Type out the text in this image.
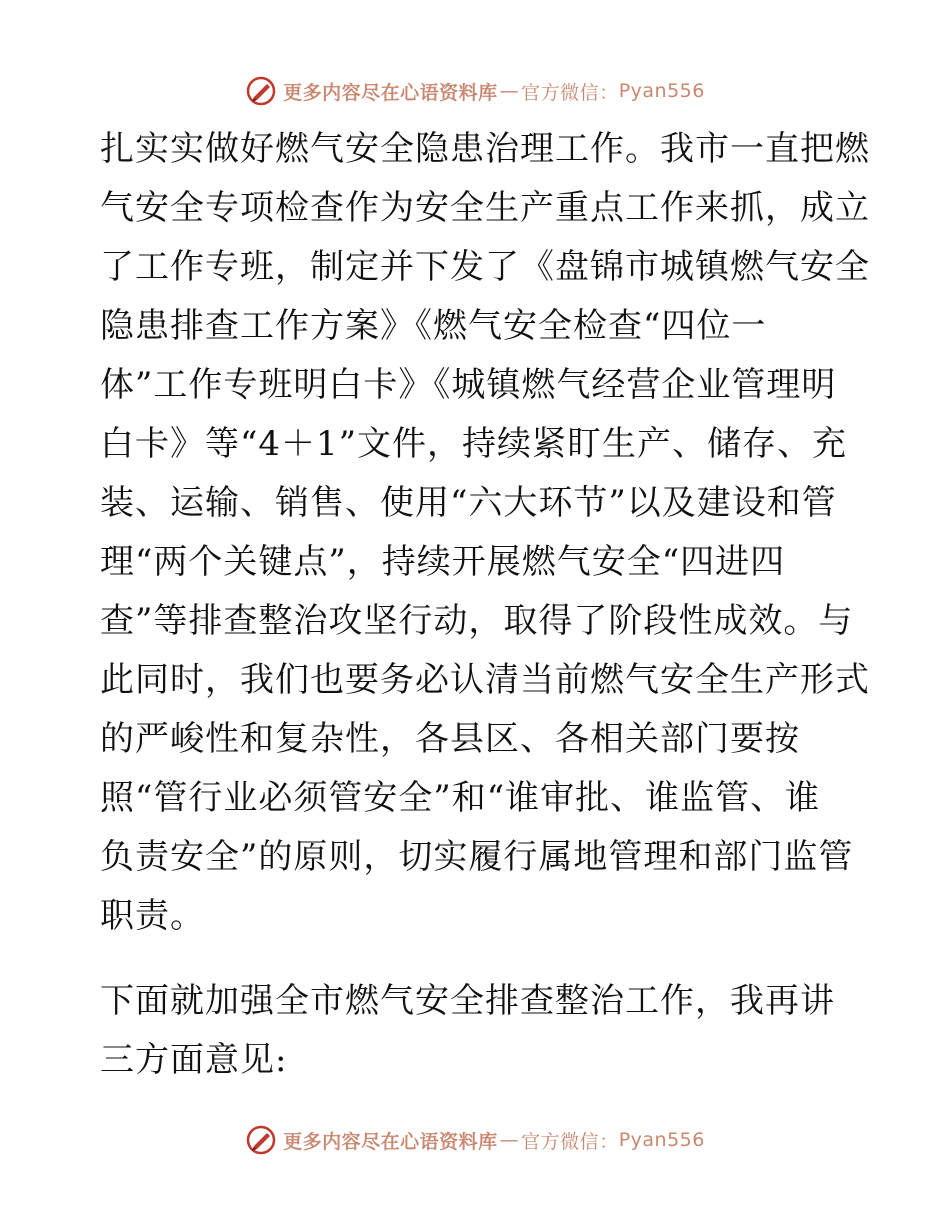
更多内容尽在心语资料库 — 官方微信： Pyan556

扎实实做好燃气安全隐患治理工作。我市一直把燃
气安全专项检查作为安全生产重点工作来抓，成立
了工作专班，制定并下发了《盘锦市城镇燃气安全
隐患排查工作方案》《燃气安全检查“四位一
体”工作专班明白卡》《城镇燃气经营企业管理明
白卡》等“4＋1”文件，持续紧盯生产、储存、充
装、运输、销售、使用“六大环节”以及建设和管
理“两个关键点”，持续开展燃气安全“四进四
查”等排查整治攻坚行动，取得了阶段性成效。与
此同时，我们也要务必认清当前燃气安全生产形式
的严峻性和复杂性，各县区、各相关部门要按
照“管行业必须管安全”和“谁审批、谁监管、谁
负责安全”的原则，切实履行属地管理和部门监管
职责。

下面就加强全市燃气安全排查整治工作，我再讲
三方面意见:

更多内容尽在心语资料库 — 官方微信： Pyan556
